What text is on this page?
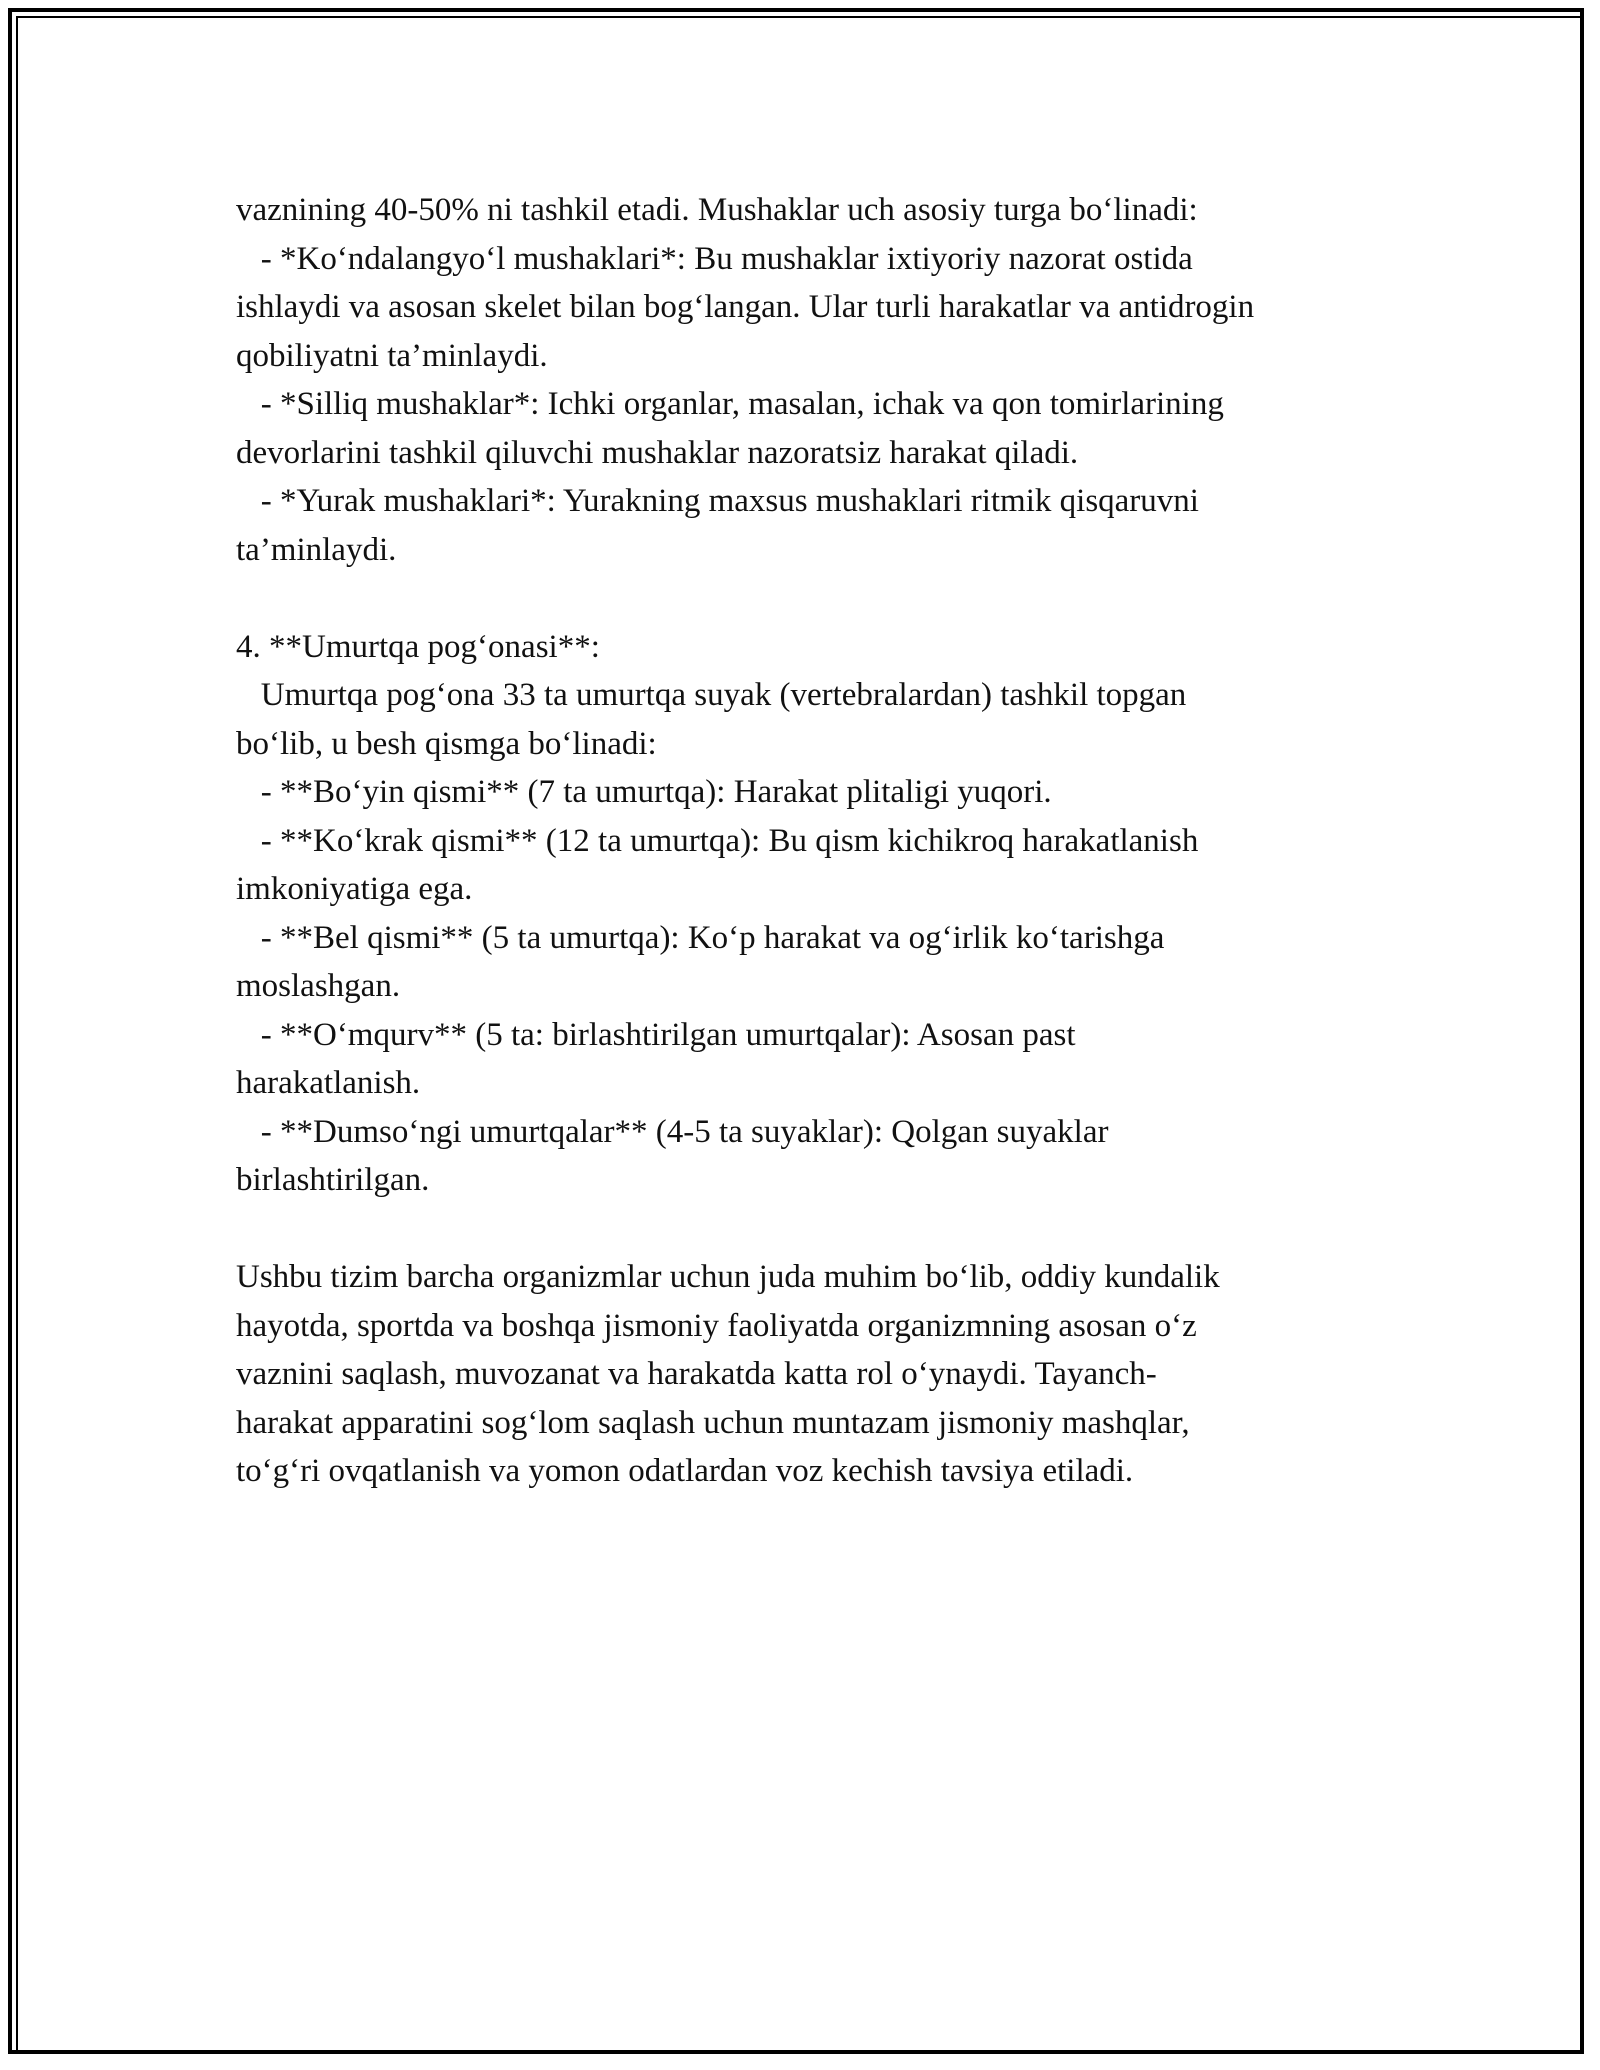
vaznining 40-50% ni tashkil etadi. Mushaklar uch asosiy turga bo‘linadi:
- *Ko‘ndalangyo‘l mushaklari*: Bu mushaklar ixtiyoriy nazorat ostida
ishlaydi va asosan skelet bilan bog‘langan. Ular turli harakatlar va antidrogin
qobiliyatni ta’minlaydi.
- *Silliq mushaklar*: Ichki organlar, masalan, ichak va qon tomirlarining
devorlarini tashkil qiluvchi mushaklar nazoratsiz harakat qiladi.
- *Yurak mushaklari*: Yurakning maxsus mushaklari ritmik qisqaruvni
ta’minlaydi.
4. **Umurtqa pog‘onasi**:
Umurtqa pog‘ona 33 ta umurtqa suyak (vertebralardan) tashkil topgan
bo‘lib, u besh qismga bo‘linadi:
- **Bo‘yin qismi** (7 ta umurtqa): Harakat plitaligi yuqori.
- **Ko‘krak qismi** (12 ta umurtqa): Bu qism kichikroq harakatlanish
imkoniyatiga ega.
- **Bel qismi** (5 ta umurtqa): Ko‘p harakat va og‘irlik ko‘tarishga
moslashgan.
- **O‘mqurv** (5 ta: birlashtirilgan umurtqalar): Asosan past
harakatlanish.
- **Dumso‘ngi umurtqalar** (4-5 ta suyaklar): Qolgan suyaklar
birlashtirilgan.
Ushbu tizim barcha organizmlar uchun juda muhim bo‘lib, oddiy kundalik
hayotda, sportda va boshqa jismoniy faoliyatda organizmning asosan o‘z
vaznini saqlash, muvozanat va harakatda katta rol o‘ynaydi. Tayanch-
harakat apparatini sog‘lom saqlash uchun muntazam jismoniy mashqlar,
to‘g‘ri ovqatlanish va yomon odatlardan voz kechish tavsiya etiladi.
